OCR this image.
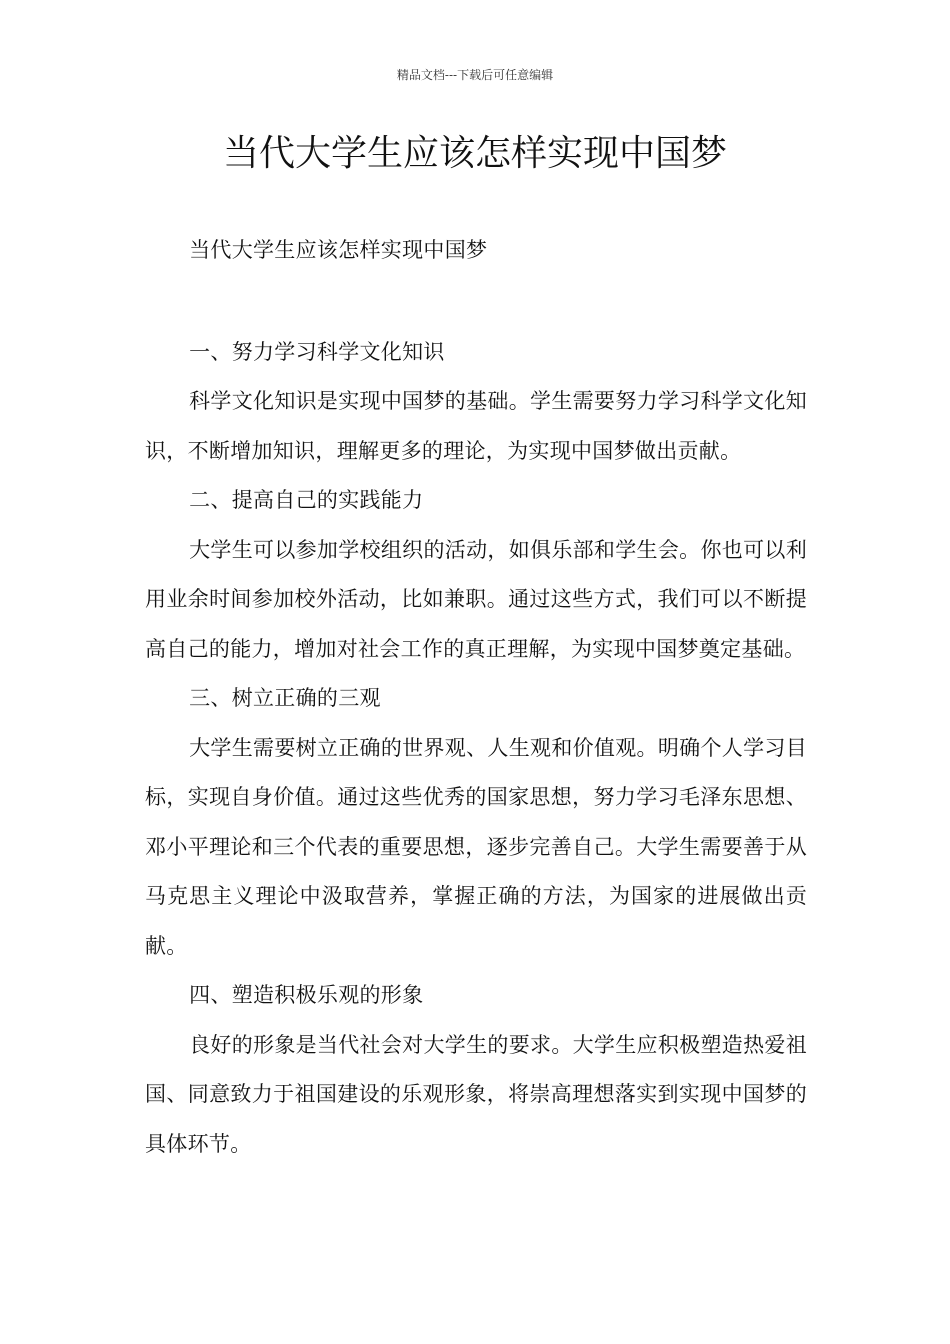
精品文档---下载后可任意编辑
当代大学生应该怎样实现中国梦

当代大学生应该怎样实现中国梦

一、努力学习科学文化知识

科学文化知识是实现中国梦的基础。学生需要努力学习科学文化知识，不断增加知识，理解更多的理论，为实现中国梦做出贡献。

二、提高自己的实践能力

大学生可以参加学校组织的活动，如俱乐部和学生会。你也可以利用业余时间参加校外活动，比如兼职。通过这些方式，我们可以不断提高自己的能力，增加对社会工作的真正理解，为实现中国梦奠定基础。

三、树立正确的三观

大学生需要树立正确的世界观、人生观和价值观。明确个人学习目标，实现自身价值。通过这些优秀的国家思想，努力学习毛泽东思想、邓小平理论和三个代表的重要思想，逐步完善自己。大学生需要善于从马克思主义理论中汲取营养，掌握正确的方法，为国家的进展做出贡献。

四、塑造积极乐观的形象

良好的形象是当代社会对大学生的要求。大学生应积极塑造热爱祖国、同意致力于祖国建设的乐观形象，将崇高理想落实到实现中国梦的具体环节。
